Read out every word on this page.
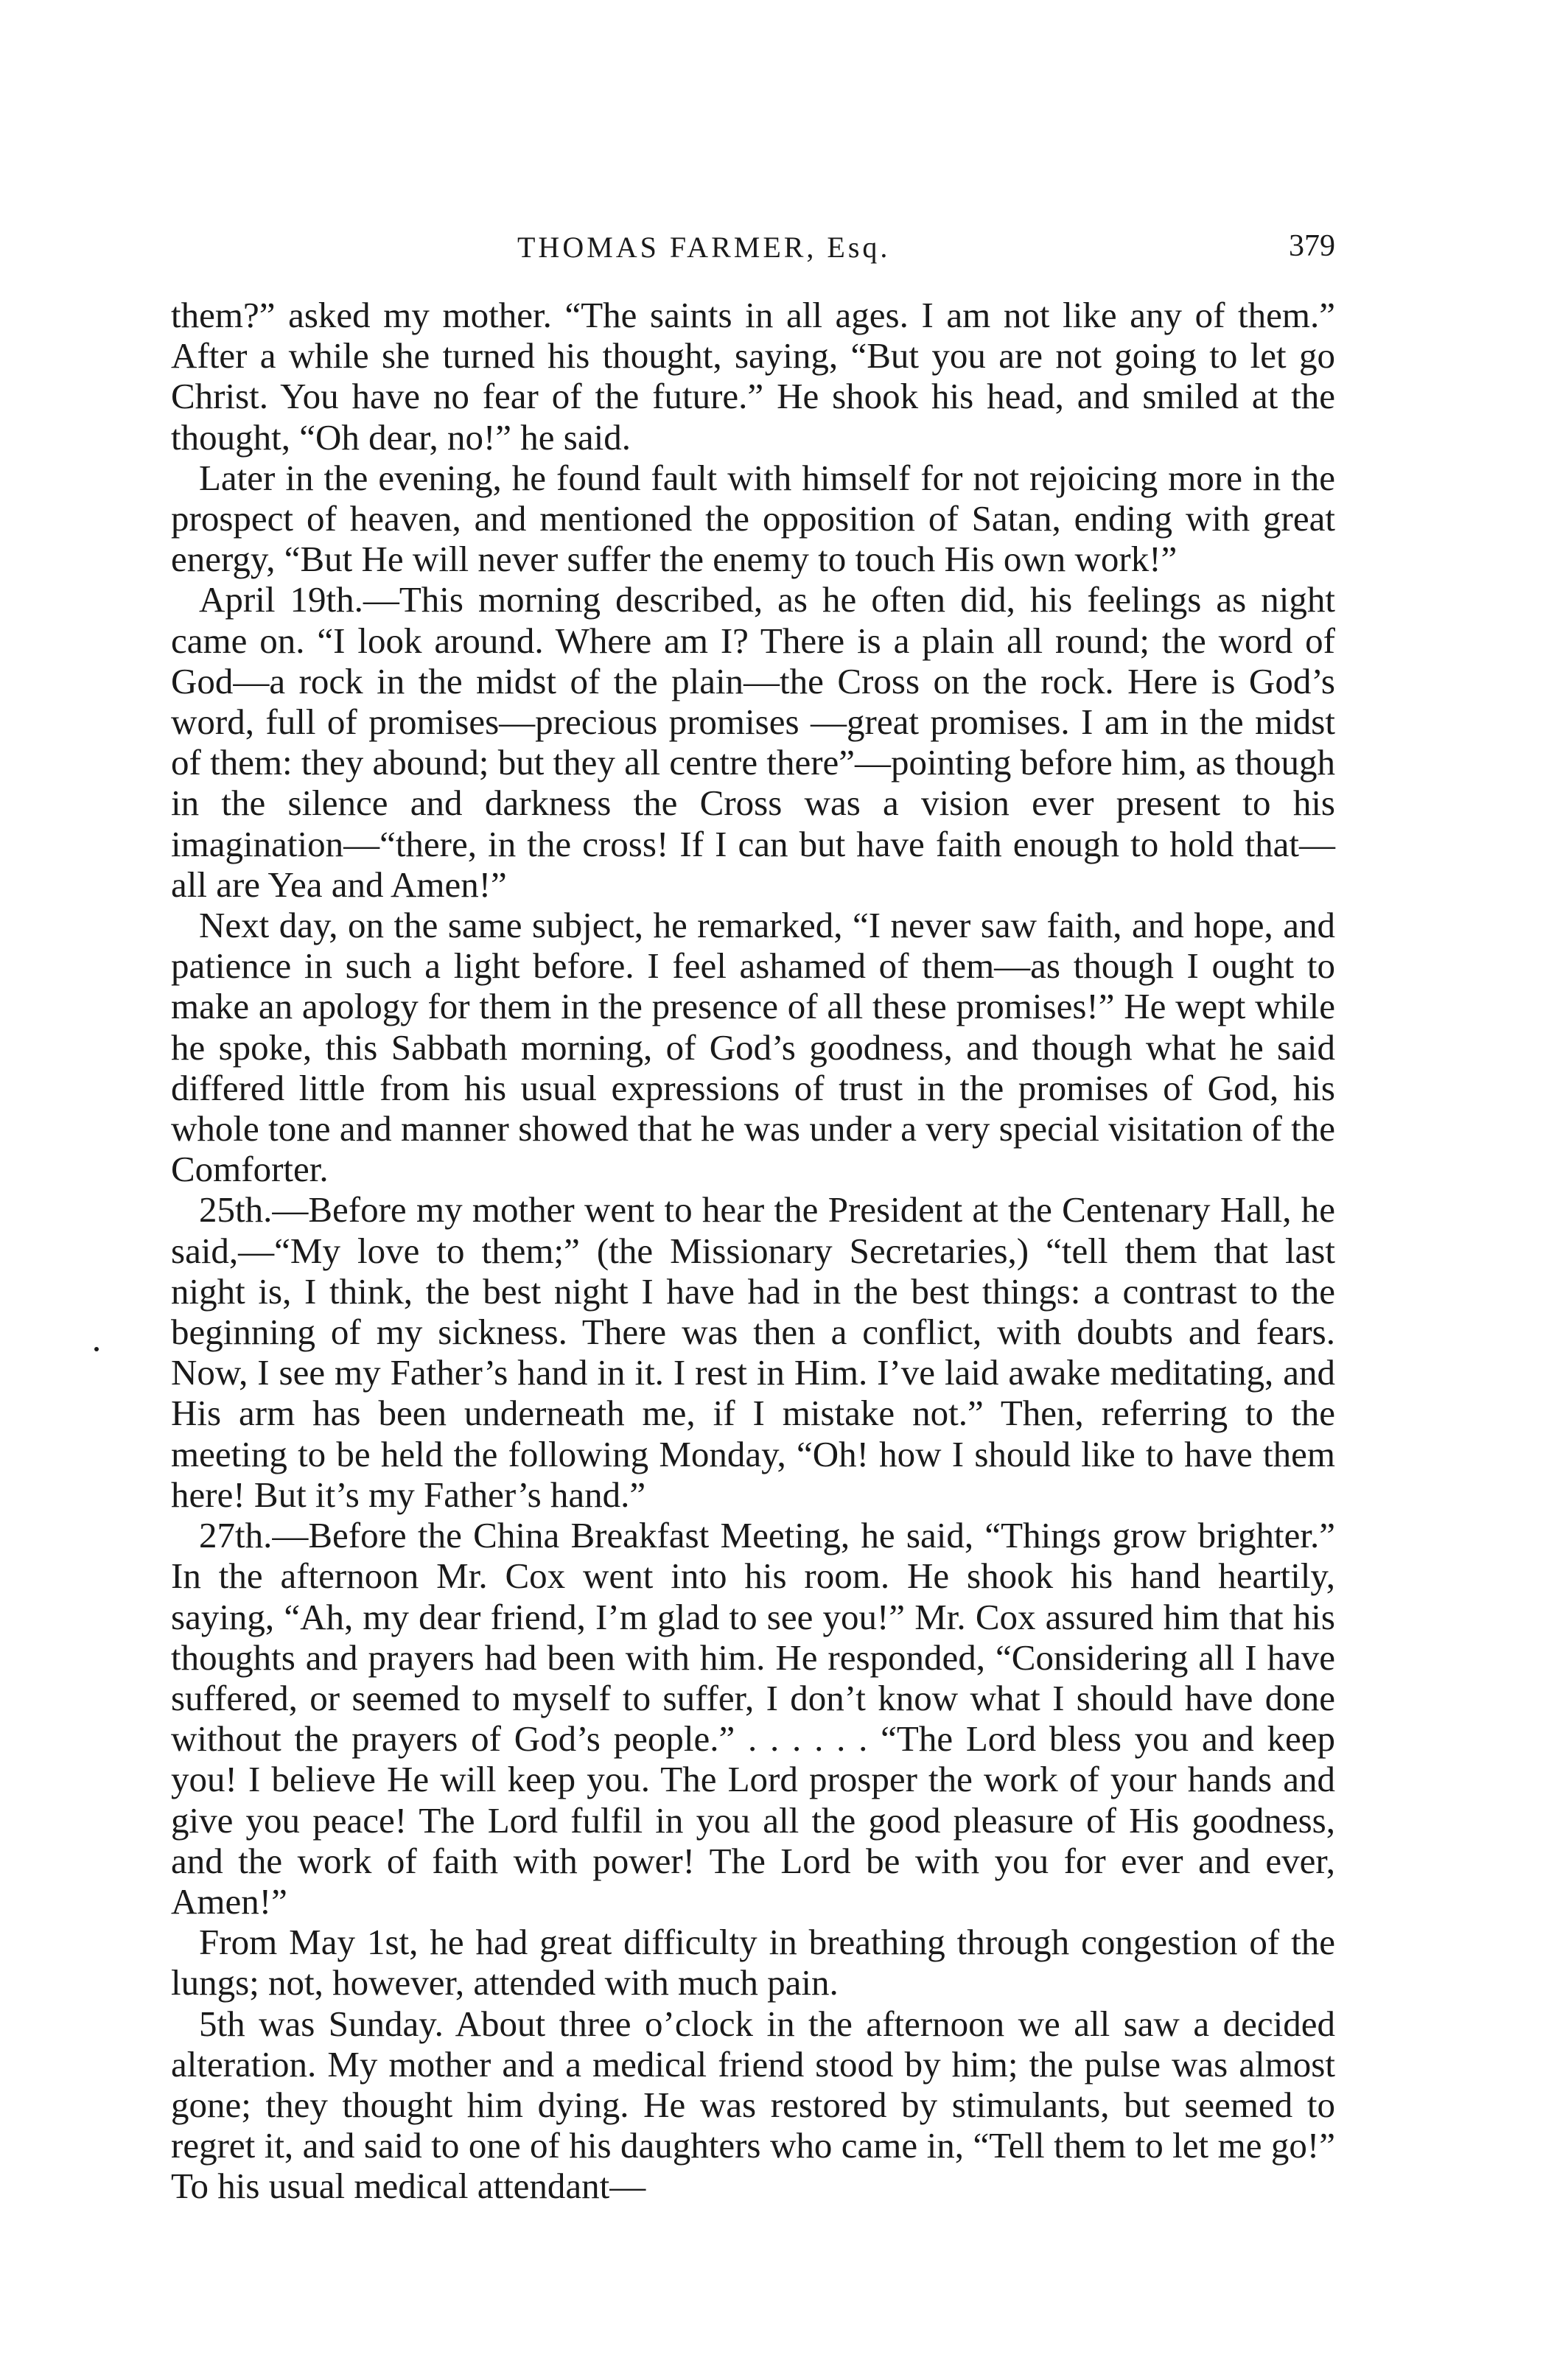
THOMAS FARMER, Esq.	379

them?” asked my mother. “The saints in all ages. I am not like any of them.” After a while she turned his thought, saying, “But you are not going to let go Christ. You have no fear of the future.” He shook his head, and smiled at the thought, “Oh dear, no!” he said.

Later in the evening, he found fault with himself for not rejoicing more in the prospect of heaven, and mentioned the opposition of Satan, ending with great energy, “But He will never suffer the enemy to touch His own work!”

April 19th.—This morning described, as he often did, his feelings as night came on. “I look around. Where am I? There is a plain all round; the word of God—a rock in the midst of the plain—the Cross on the rock. Here is God’s word, full of promises—precious promises —great promises. I am in the midst of them: they abound; but they all centre there”—pointing before him, as though in the silence and darkness the Cross was a vision ever present to his imagination—“there, in the cross! If I can but have faith enough to hold that—all are Yea and Amen!”

Next day, on the same subject, he remarked, “I never saw faith, and hope, and patience in such a light before. I feel ashamed of them—as though I ought to make an apology for them in the presence of all these promises!” He wept while he spoke, this Sabbath morning, of God’s goodness, and though what he said differed little from his usual expressions of trust in the promises of God, his whole tone and manner showed that he was under a very special visitation of the Comforter.

25th.—Before my mother went to hear the President at the Centenary Hall, he said,—“My love to them;” (the Missionary Secretaries,) “tell them that last night is, I think, the best night I have had in the best things: a contrast to the beginning of my sickness. There was then a conflict, with doubts and fears. Now, I see my Father’s hand in it. I rest in Him. I’ve laid awake meditating, and His arm has been underneath me, if I mistake not.” Then, referring to the meeting to be held the following Monday, “Oh! how I should like to have them here! But it’s my Father’s hand.”

27th.—Before the China Breakfast Meeting, he said, “Things grow brighter.” In the afternoon Mr. Cox went into his room. He shook his hand heartily, saying, “Ah, my dear friend, I’m glad to see you!” Mr. Cox assured him that his thoughts and prayers had been with him. He responded, “Considering all I have suffered, or seemed to myself to suffer, I don’t know what I should have done without the prayers of God’s people.” . . . . . . “The Lord bless you and keep you! I believe He will keep you. The Lord prosper the work of your hands and give you peace! The Lord fulfil in you all the good pleasure of His goodness, and the work of faith with power! The Lord be with you for ever and ever, Amen!”

From May 1st, he had great difficulty in breathing through congestion of the lungs; not, however, attended with much pain.

5th was Sunday. About three o’clock in the afternoon we all saw a decided alteration. My mother and a medical friend stood by him; the pulse was almost gone; they thought him dying. He was restored by stimulants, but seemed to regret it, and said to one of his daughters who came in, “Tell them to let me go!” To his usual medical attendant—
